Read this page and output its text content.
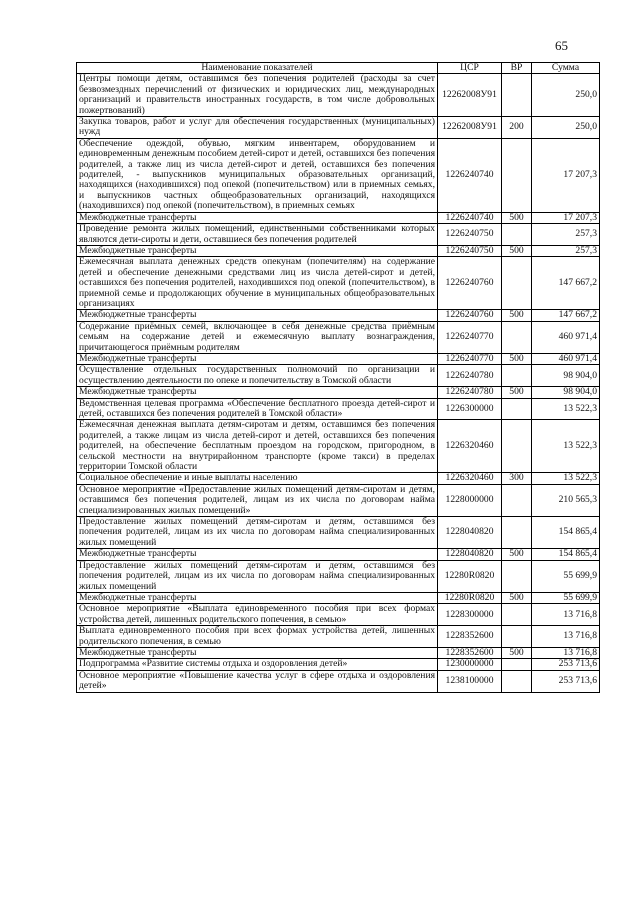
65
Наименование показателей	ЦСР	ВР	Сумма
Центры помощи детям, оставшимся без попечения родителей (расходы за счет безвозмездных перечислений от физических и юридических лиц, международных организаций и правительств иностранных государств, в том числе добровольных пожертвований)	12262008У91		250,0
Закупка товаров, работ и услуг для обеспечения государственных (муниципальных) нужд	12262008У91	200	250,0
Обеспечение одеждой, обувью, мягким инвентарем, оборудованием и единовременным денежным пособием детей-сирот и детей, оставшихся без попечения родителей, а также лиц из числа детей-сирот и детей, оставшихся без попечения родителей, - выпускников муниципальных образовательных организаций, находящихся (находившихся) под опекой (попечительством) или в приемных семьях, и выпускников частных общеобразовательных организаций, находящихся (находившихся) под опекой (попечительством), в приемных семьях	1226240740		17 207,3
Межбюджетные трансферты	1226240740	500	17 207,3
Проведение ремонта жилых помещений, единственными собственниками которых являются дети-сироты и дети, оставшиеся без попечения родителей	1226240750		257,3
Межбюджетные трансферты	1226240750	500	257,3
Ежемесячная выплата денежных средств опекунам (попечителям) на содержание детей и обеспечение денежными средствами лиц из числа детей-сирот и детей, оставшихся без попечения родителей, находившихся под опекой (попечительством), в приемной семье и продолжающих обучение в муниципальных общеобразовательных организациях	1226240760		147 667,2
Межбюджетные трансферты	1226240760	500	147 667,2
Содержание приёмных семей, включающее в себя денежные средства приёмным семьям на содержание детей и ежемесячную выплату вознаграждения, причитающегося приёмным родителям	1226240770		460 971,4
Межбюджетные трансферты	1226240770	500	460 971,4
Осуществление отдельных государственных полномочий по организации и осуществлению деятельности по опеке и попечительству в Томской области	1226240780		98 904,0
Межбюджетные трансферты	1226240780	500	98 904,0
Ведомственная целевая программа «Обеспечение бесплатного проезда детей-сирот и детей, оставшихся без попечения родителей в Томской области»	1226300000		13 522,3
Ежемесячная денежная выплата детям-сиротам и детям, оставшимся без попечения родителей, а также лицам из числа детей-сирот и детей, оставшихся без попечения родителей, на обеспечение бесплатным проездом на городском, пригородном, в сельской местности на внутрирайонном транспорте (кроме такси) в пределах территории Томской области	1226320460		13 522,3
Социальное обеспечение и иные выплаты населению	1226320460	300	13 522,3
Основное мероприятие «Предоставление жилых помещений детям-сиротам и детям, оставшимся без попечения родителей, лицам из их числа по договорам найма специализированных жилых помещений»	1228000000		210 565,3
Предоставление жилых помещений детям-сиротам и детям, оставшимся без попечения родителей, лицам из их числа по договорам найма специализированных жилых помещений	1228040820		154 865,4
Межбюджетные трансферты	1228040820	500	154 865,4
Предоставление жилых помещений детям-сиротам и детям, оставшимся без попечения родителей, лицам из их числа по договорам найма специализированных жилых помещений	12280R0820		55 699,9
Межбюджетные трансферты	12280R0820	500	55 699,9
Основное мероприятие «Выплата единовременного пособия при всех формах устройства детей, лишенных родительского попечения, в семью»	1228300000		13 716,8
Выплата единовременного пособия при всех формах устройства детей, лишенных родительского попечения, в семью	1228352600		13 716,8
Межбюджетные трансферты	1228352600	500	13 716,8
Подпрограмма «Развитие системы отдыха и оздоровления детей»	1230000000		253 713,6
Основное мероприятие «Повышение качества услуг в сфере отдыха и оздоровления детей»	1238100000		253 713,6
